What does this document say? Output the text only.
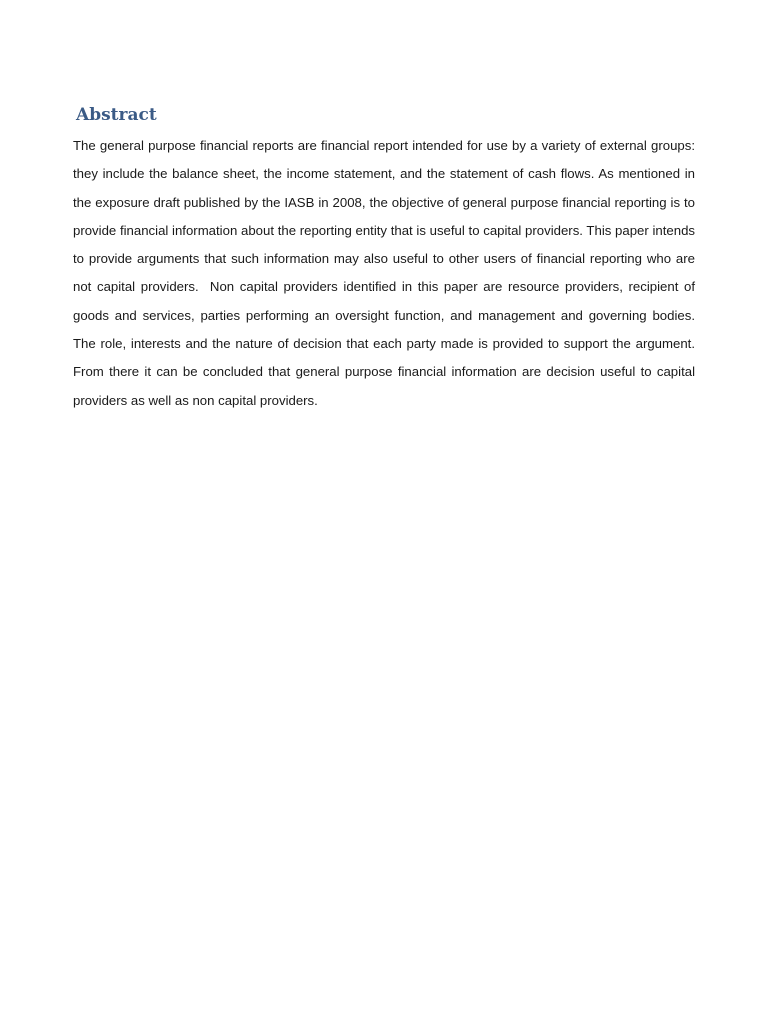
Abstract

The general purpose financial reports are financial report intended for use by a variety of external groups: they include the balance sheet, the income statement, and the statement of cash flows. As mentioned in the exposure draft published by the IASB in 2008, the objective of general purpose financial reporting is to provide financial information about the reporting entity that is useful to capital providers. This paper intends to provide arguments that such information may also useful to other users of financial reporting who are not capital providers.  Non capital providers identified in this paper are resource providers, recipient of goods and services, parties performing an oversight function, and management and governing bodies. The role, interests and the nature of decision that each party made is provided to support the argument. From there it can be concluded that general purpose financial information are decision useful to capital providers as well as non capital providers.
